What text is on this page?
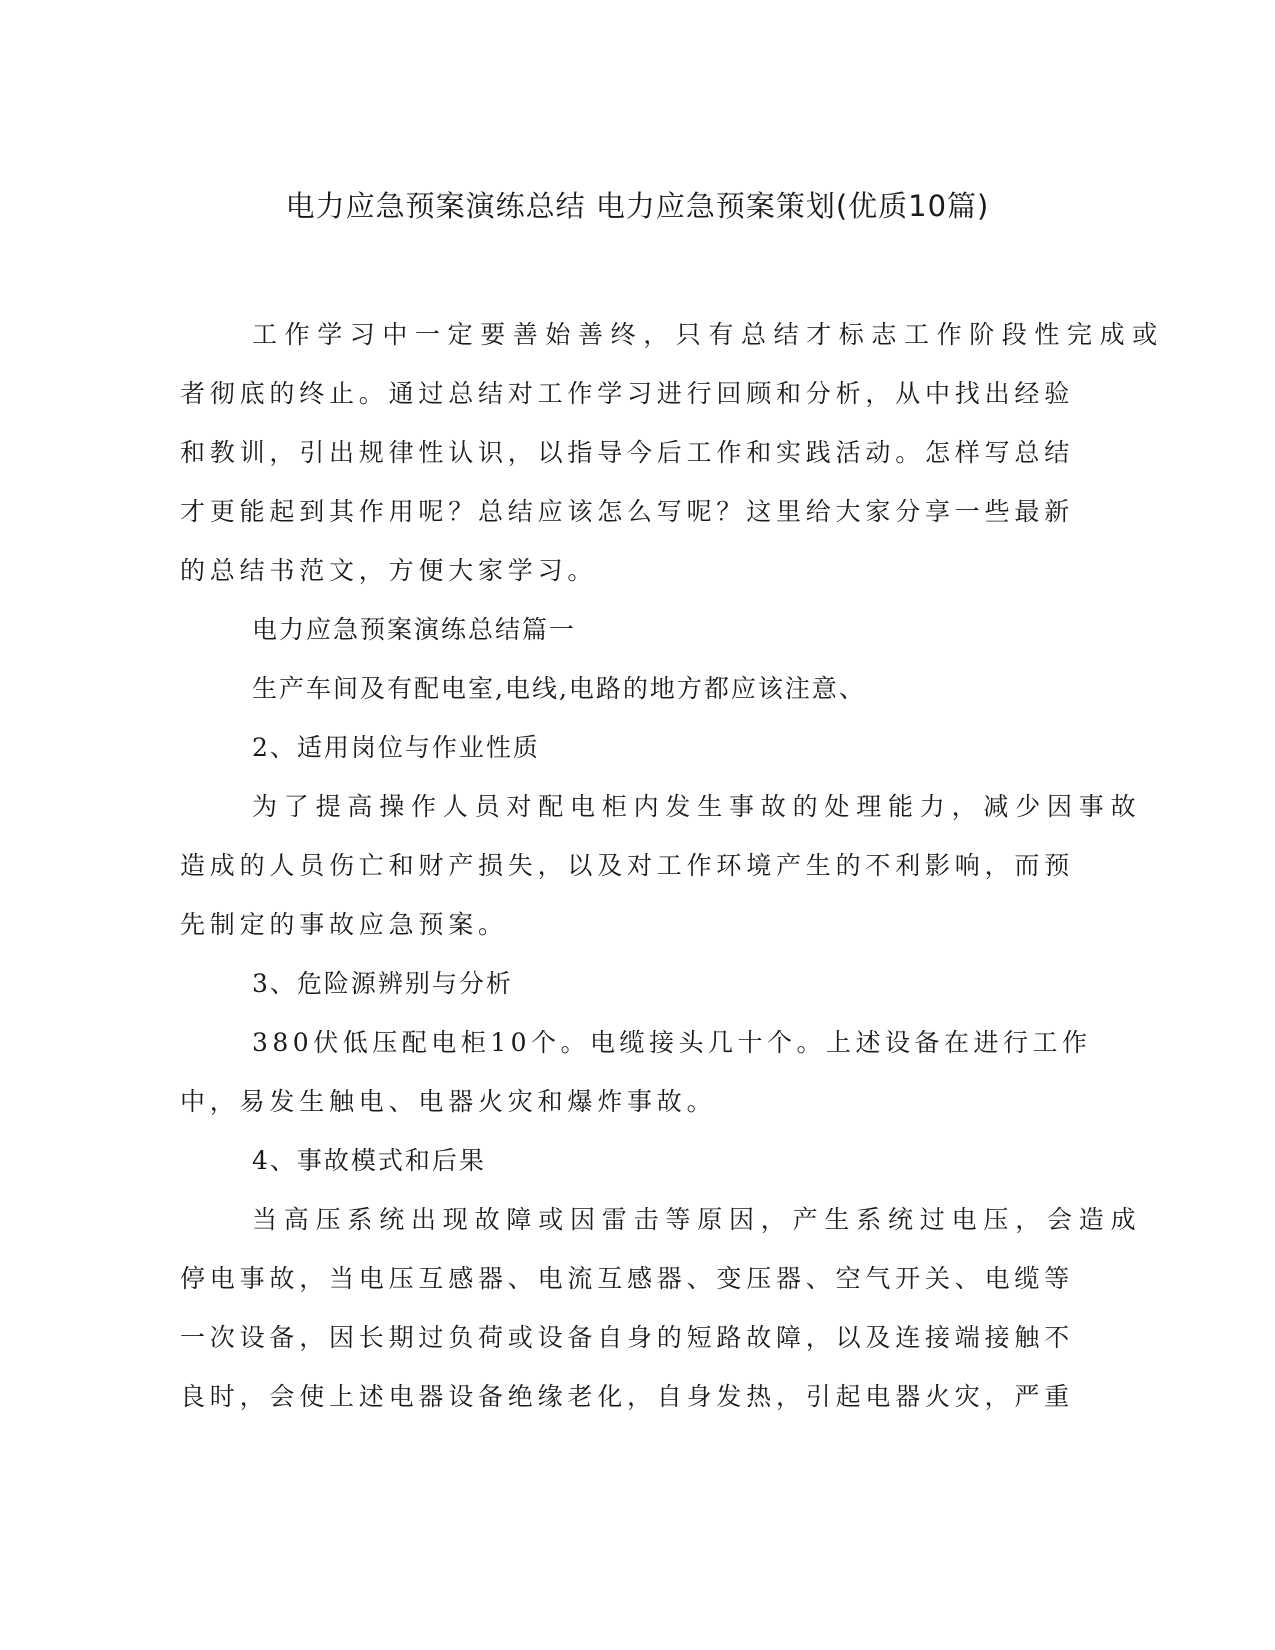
电力应急预案演练总结 电力应急预案策划(优质10篇)
工作学习中一定要善始善终，只有总结才标志工作阶段性完成或
者彻底的终止。通过总结对工作学习进行回顾和分析，从中找出经验
和教训，引出规律性认识，以指导今后工作和实践活动。怎样写总结
才更能起到其作用呢？总结应该怎么写呢？这里给大家分享一些最新
的总结书范文，方便大家学习。
电力应急预案演练总结篇一
生产车间及有配电室,电线,电路的地方都应该注意、
2、适用岗位与作业性质
为了提高操作人员对配电柜内发生事故的处理能力，减少因事故
造成的人员伤亡和财产损失，以及对工作环境产生的不利影响，而预
先制定的事故应急预案。
3、危险源辨别与分析
380伏低压配电柜10个。电缆接头几十个。上述设备在进行工作
中，易发生触电、电器火灾和爆炸事故。
4、事故模式和后果
当高压系统出现故障或因雷击等原因，产生系统过电压，会造成
停电事故，当电压互感器、电流互感器、变压器、空气开关、电缆等
一次设备，因长期过负荷或设备自身的短路故障，以及连接端接触不
良时，会使上述电器设备绝缘老化，自身发热，引起电器火灾，严重
